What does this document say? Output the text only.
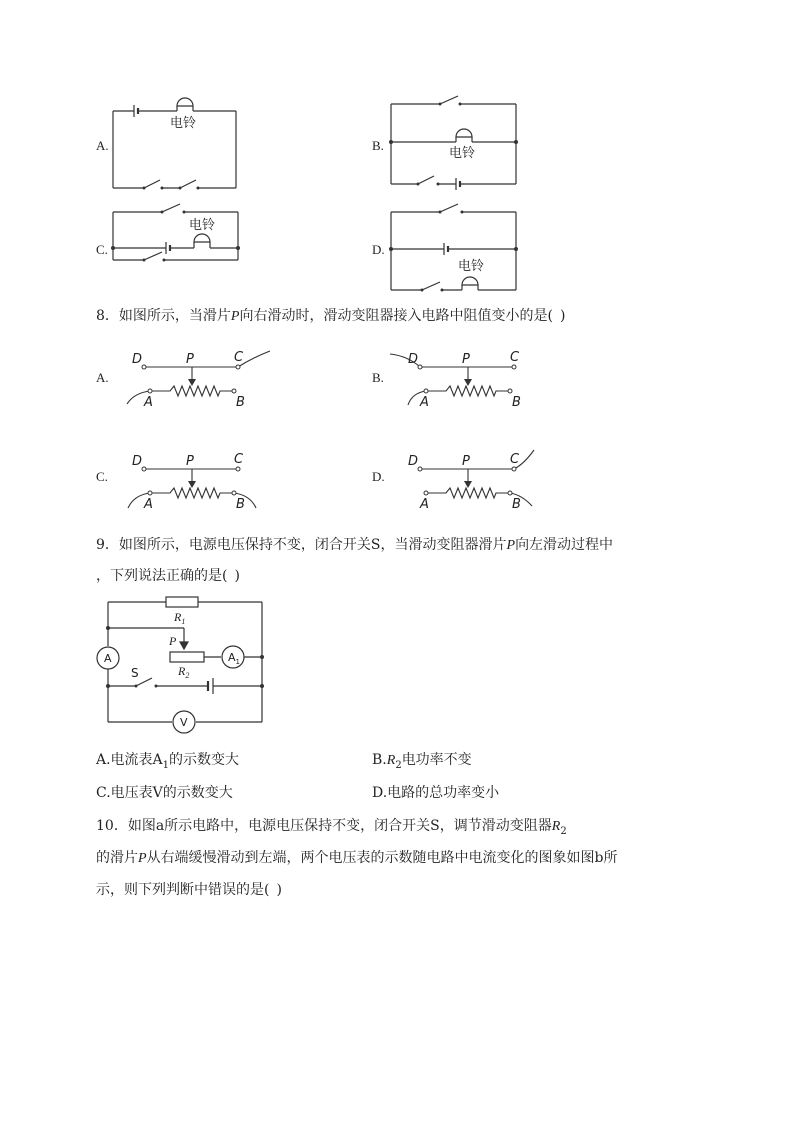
A.
电铃
B.
电铃
C.
电铃
D.
电铃
8．如图所示，当滑片P向右滑动时，滑动变阻器接入电路中阻值变小的是( )
A.
D	P	C
A	B
B.
D	P	C
A	B
C.
D	P	C
A	B
D.
D	P	C
A	B
9．如图所示，电源电压保持不变，闭合开关S，当滑动变阻器滑片P向左滑动过程中
，下列说法正确的是( )
$R_1$
P
$R_2$
S
A	$A_1$
V
A.电流表$A_1$的示数变大	$B.R_2$电功率不变
C.电压表V的示数变大	D.电路的总功率变小
10．如图a所示电路中，电源电压保持不变，闭合开关S，调节滑动变阻器$R_2$
的滑片P从右端缓慢滑动到左端，两个电压表的示数随电路中电流变化的图象如图b所
示，则下列判断中错误的是( )
